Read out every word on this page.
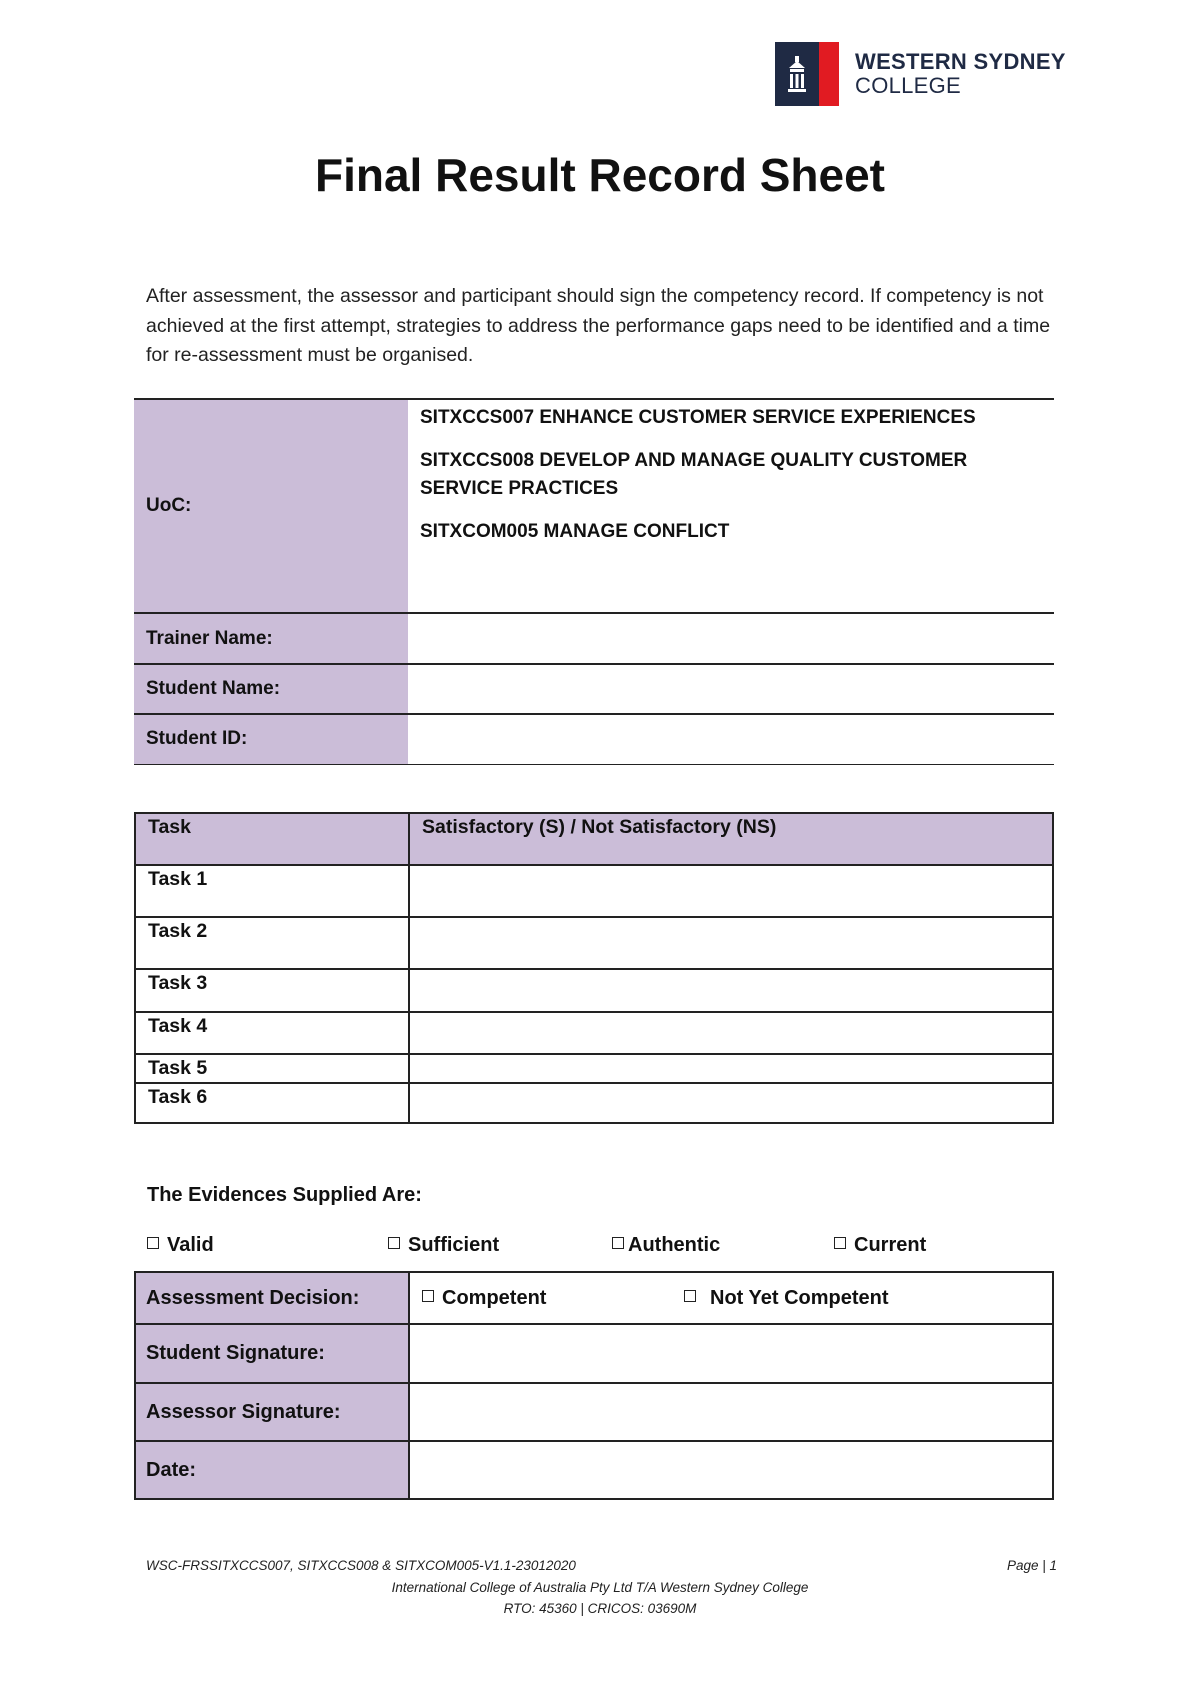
WESTERN SYDNEY
COLLEGE
Final Result Record Sheet
After assessment, the assessor and participant should sign the competency record. If competency is not achieved at the first attempt, strategies to address the performance gaps need to be identified and a time for re-assessment must be organised.
UoC:	SITXCCS007 ENHANCE CUSTOMER SERVICE EXPERIENCES
SITXCCS008 DEVELOP AND MANAGE QUALITY CUSTOMER SERVICE PRACTICES
SITXCOM005 MANAGE CONFLICT

Trainer Name:	
Student Name:	
Student ID:	
Task	Satisfactory (S) / Not Satisfactory (NS)
Task 1	
Task 2	
Task 3	
Task 4	
Task 5	
Task 6	
The Evidences Supplied Are:
Valid	Sufficient	Authentic	Current
Assessment Decision:	Competent Not Yet Competent
Student Signature:	
Assessor Signature:	
Date:	
WSC-FRSSITXCCS007, SITXCCS008 & SITXCOM005-V1.1-23012020	Page | 1
International College of Australia Pty Ltd T/A Western Sydney College
RTO: 45360 | CRICOS: 03690M
